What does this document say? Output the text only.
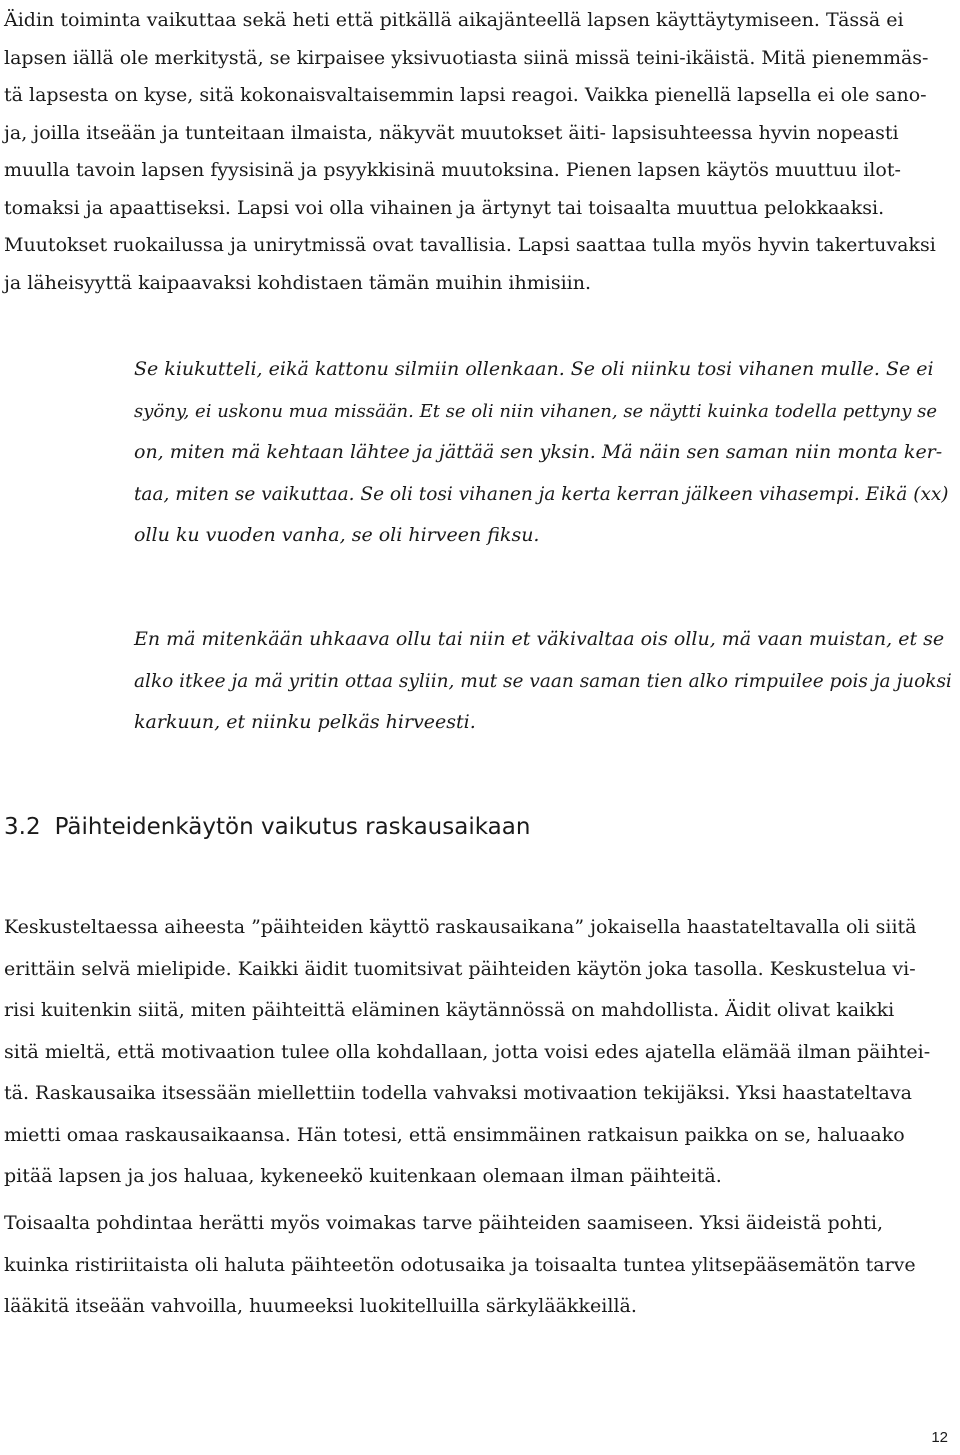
Äidin toiminta vaikuttaa sekä heti että pitkällä aikajänteellä lapsen käyttäytymiseen. Tässä ei
lapsen iällä ole merkitystä, se kirpaisee yksivuotiasta siinä missä teini-ikäistä. Mitä pienemmäs-
tä lapsesta on kyse, sitä kokonaisvaltaisemmin lapsi reagoi. Vaikka pienellä lapsella ei ole sano-
ja, joilla itseään ja tunteitaan ilmaista, näkyvät muutokset äiti- lapsisuhteessa hyvin nopeasti
muulla tavoin lapsen fyysisinä ja psyykkisinä muutoksina. Pienen lapsen käytös muuttuu ilot-
tomaksi ja apaattiseksi. Lapsi voi olla vihainen ja ärtynyt tai toisaalta muuttua pelokkaaksi.
Muutokset ruokailussa ja unirytmissä ovat tavallisia. Lapsi saattaa tulla myös hyvin takertuvaksi
ja läheisyyttä kaipaavaksi kohdistaen tämän muihin ihmisiin.

Se kiukutteli, eikä kattonu silmiin ollenkaan. Se oli niinku tosi vihanen mulle. Se ei
syöny, ei uskonu mua missään. Et se oli niin vihanen, se näytti kuinka todella pettyny se
on, miten mä kehtaan lähtee ja jättää sen yksin. Mä näin sen saman niin monta ker-
taa, miten se vaikuttaa. Se oli tosi vihanen ja kerta kerran jälkeen vihasempi. Eikä (xx)
ollu ku vuoden vanha, se oli hirveen fiksu.

En mä mitenkään uhkaava ollu tai niin et väkivaltaa ois ollu, mä vaan muistan, et se
alko itkee ja mä yritin ottaa syliin, mut se vaan saman tien alko rimpuilee pois ja juoksi
karkuun, et niinku pelkäs hirveesti.

3.2 Päihteidenkäytön vaikutus raskausaikaan

Keskusteltaessa aiheesta ”päihteiden käyttö raskausaikana” jokaisella haastateltavalla oli siitä
erittäin selvä mielipide. Kaikki äidit tuomitsivat päihteiden käytön joka tasolla. Keskustelua vi-
risi kuitenkin siitä, miten päihteittä eläminen käytännössä on mahdollista. Äidit olivat kaikki
sitä mieltä, että motivaation tulee olla kohdallaan, jotta voisi edes ajatella elämää ilman päihtei-
tä. Raskausaika itsessään miellettiin todella vahvaksi motivaation tekijäksi. Yksi haastateltava
mietti omaa raskausaikaansa. Hän totesi, että ensimmäinen ratkaisun paikka on se, haluaako
pitää lapsen ja jos haluaa, kykeneekö kuitenkaan olemaan ilman päihteitä.

Toisaalta pohdintaa herätti myös voimakas tarve päihteiden saamiseen. Yksi äideistä pohti,
kuinka ristiriitaista oli haluta päihteetön odotusaika ja toisaalta tuntea ylitsepääsemätön tarve
lääkitä itseään vahvoilla, huumeeksi luokitelluilla särkylääkkeillä.

12
